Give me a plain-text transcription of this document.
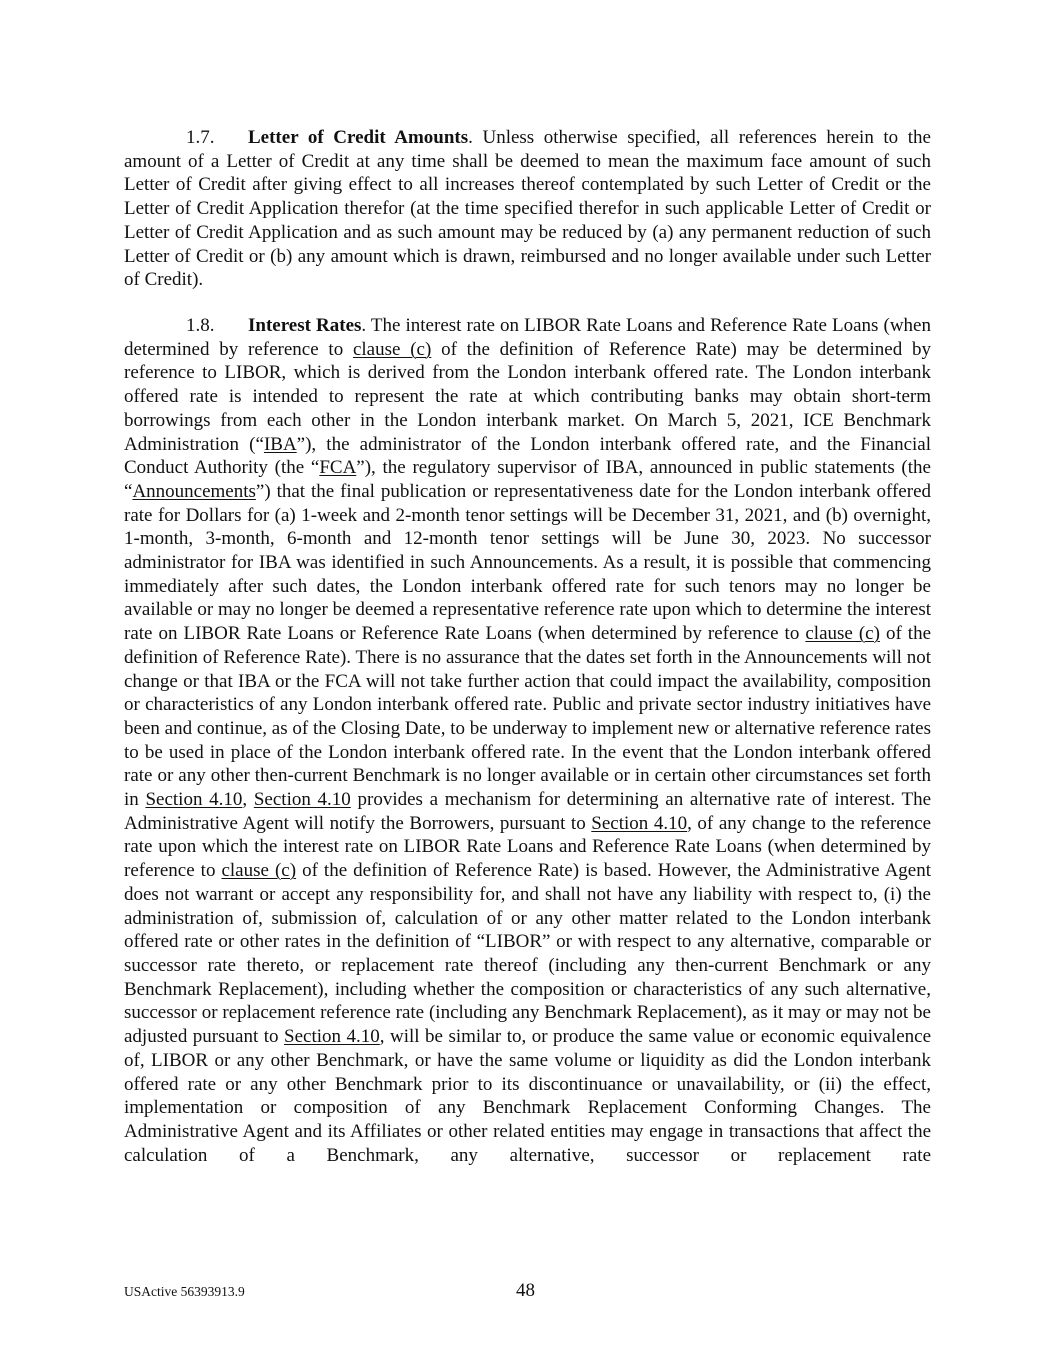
1.7. Letter of Credit Amounts. Unless otherwise specified, all references herein to the amount of a Letter of Credit at any time shall be deemed to mean the maximum face amount of such Letter of Credit after giving effect to all increases thereof contemplated by such Letter of Credit or the Letter of Credit Application therefor (at the time specified therefor in such applicable Letter of Credit or Letter of Credit Application and as such amount may be reduced by (a) any permanent reduction of such Letter of Credit or (b) any amount which is drawn, reimbursed and no longer available under such Letter of Credit).

1.8. Interest Rates. The interest rate on LIBOR Rate Loans and Reference Rate Loans (when determined by reference to clause (c) of the definition of Reference Rate) may be determined by reference to LIBOR, which is derived from the London interbank offered rate. The London interbank offered rate is intended to represent the rate at which contributing banks may obtain short-term borrowings from each other in the London interbank market. On March 5, 2021, ICE Benchmark Administration (“IBA”), the administrator of the London interbank offered rate, and the Financial Conduct Authority (the “FCA”), the regulatory supervisor of IBA, announced in public statements (the “Announcements”) that the final publication or representativeness date for the London interbank offered rate for Dollars for (a) 1-week and 2-month tenor settings will be December 31, 2021, and (b) overnight, 1-month, 3-month, 6-month and 12-month tenor settings will be June 30, 2023. No successor administrator for IBA was identified in such Announcements. As a result, it is possible that commencing immediately after such dates, the London interbank offered rate for such tenors may no longer be available or may no longer be deemed a representative reference rate upon which to determine the interest rate on LIBOR Rate Loans or Reference Rate Loans (when determined by reference to clause (c) of the definition of Reference Rate). There is no assurance that the dates set forth in the Announcements will not change or that IBA or the FCA will not take further action that could impact the availability, composition or characteristics of any London interbank offered rate. Public and private sector industry initiatives have been and continue, as of the Closing Date, to be underway to implement new or alternative reference rates to be used in place of the London interbank offered rate. In the event that the London interbank offered rate or any other then-current Benchmark is no longer available or in certain other circumstances set forth in Section 4.10, Section 4.10 provides a mechanism for determining an alternative rate of interest. The Administrative Agent will notify the Borrowers, pursuant to Section 4.10, of any change to the reference rate upon which the interest rate on LIBOR Rate Loans and Reference Rate Loans (when determined by reference to clause (c) of the definition of Reference Rate) is based. However, the Administrative Agent does not warrant or accept any responsibility for, and shall not have any liability with respect to, (i) the administration of, submission of, calculation of or any other matter related to the London interbank offered rate or other rates in the definition of “LIBOR” or with respect to any alternative, comparable or successor rate thereto, or replacement rate thereof (including any then-current Benchmark or any Benchmark Replacement), including whether the composition or characteristics of any such alternative, successor or replacement reference rate (including any Benchmark Replacement), as it may or may not be adjusted pursuant to Section 4.10, will be similar to, or produce the same value or economic equivalence of, LIBOR or any other Benchmark, or have the same volume or liquidity as did the London interbank offered rate or any other Benchmark prior to its discontinuance or unavailability, or (ii) the effect, implementation or composition of any Benchmark Replacement Conforming Changes. The Administrative Agent and its Affiliates or other related entities may engage in transactions that affect the calculation of a Benchmark, any alternative, successor or replacement rate

USActive 56393913.9	48
